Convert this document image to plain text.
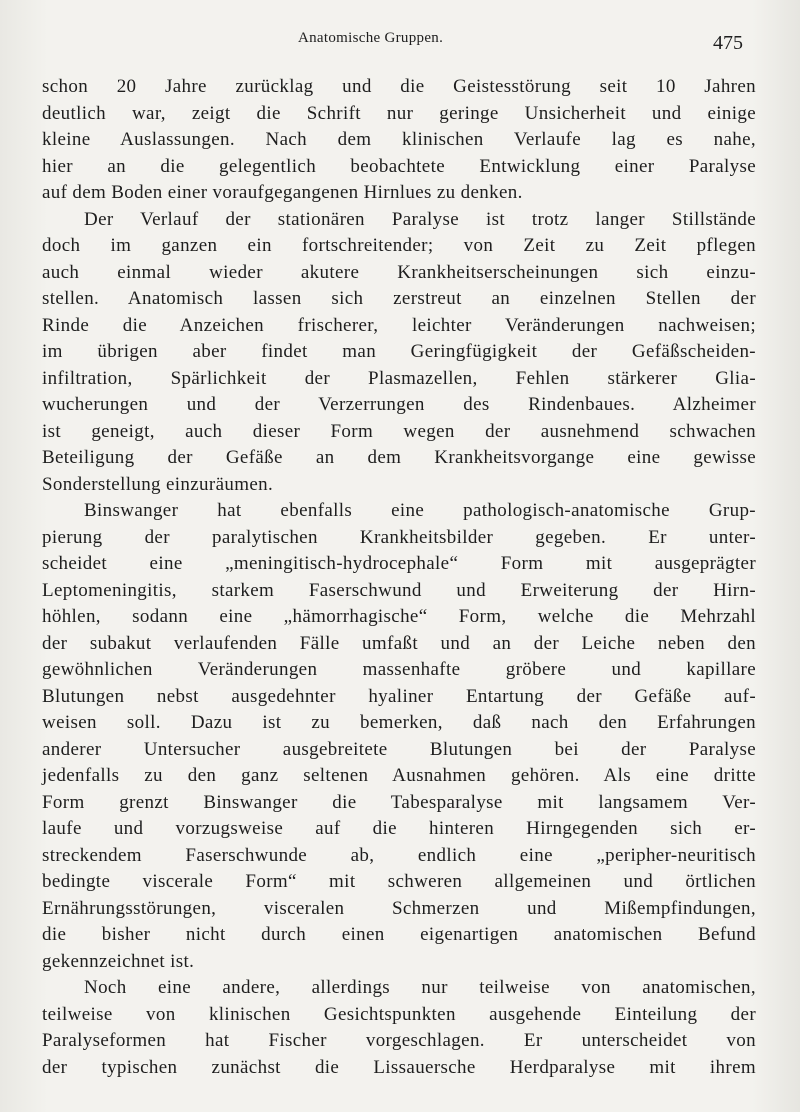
Anatomische Gruppen.	475
schon 20 Jahre zurücklag und die Geistesstörung seit 10 Jahren
deutlich war, zeigt die Schrift nur geringe Unsicherheit und einige
kleine Auslassungen. Nach dem klinischen Verlaufe lag es nahe,
hier an die gelegentlich beobachtete Entwicklung einer Paralyse
auf dem Boden einer voraufgegangenen Hirnlues zu denken.
Der Verlauf der stationären Paralyse ist trotz langer Stillstände
doch im ganzen ein fortschreitender; von Zeit zu Zeit pflegen
auch einmal wieder akutere Krankheitserscheinungen sich einzu-
stellen. Anatomisch lassen sich zerstreut an einzelnen Stellen der
Rinde die Anzeichen frischerer, leichter Veränderungen nachweisen;
im übrigen aber findet man Geringfügigkeit der Gefäßscheiden-
infiltration, Spärlichkeit der Plasmazellen, Fehlen stärkerer Glia-
wucherungen und der Verzerrungen des Rindenbaues. Alzheimer
ist geneigt, auch dieser Form wegen der ausnehmend schwachen
Beteiligung der Gefäße an dem Krankheitsvorgange eine gewisse
Sonderstellung einzuräumen.
Binswanger hat ebenfalls eine pathologisch-anatomische Grup-
pierung der paralytischen Krankheitsbilder gegeben. Er unter-
scheidet eine „meningitisch-hydrocephale“ Form mit ausgeprägter
Leptomeningitis, starkem Faserschwund und Erweiterung der Hirn-
höhlen, sodann eine „hämorrhagische“ Form, welche die Mehrzahl
der subakut verlaufenden Fälle umfaßt und an der Leiche neben den
gewöhnlichen Veränderungen massenhafte gröbere und kapillare
Blutungen nebst ausgedehnter hyaliner Entartung der Gefäße auf-
weisen soll. Dazu ist zu bemerken, daß nach den Erfahrungen
anderer Untersucher ausgebreitete Blutungen bei der Paralyse
jedenfalls zu den ganz seltenen Ausnahmen gehören. Als eine dritte
Form grenzt Binswanger die Tabesparalyse mit langsamem Ver-
laufe und vorzugsweise auf die hinteren Hirngegenden sich er-
streckendem Faserschwunde ab, endlich eine „peripher-neuritisch
bedingte viscerale Form“ mit schweren allgemeinen und örtlichen
Ernährungsstörungen, visceralen Schmerzen und Mißempfindungen,
die bisher nicht durch einen eigenartigen anatomischen Befund
gekennzeichnet ist.
Noch eine andere, allerdings nur teilweise von anatomischen,
teilweise von klinischen Gesichtspunkten ausgehende Einteilung der
Paralyseformen hat Fischer vorgeschlagen. Er unterscheidet von
der typischen zunächst die Lissauersche Herdparalyse mit ihrem
